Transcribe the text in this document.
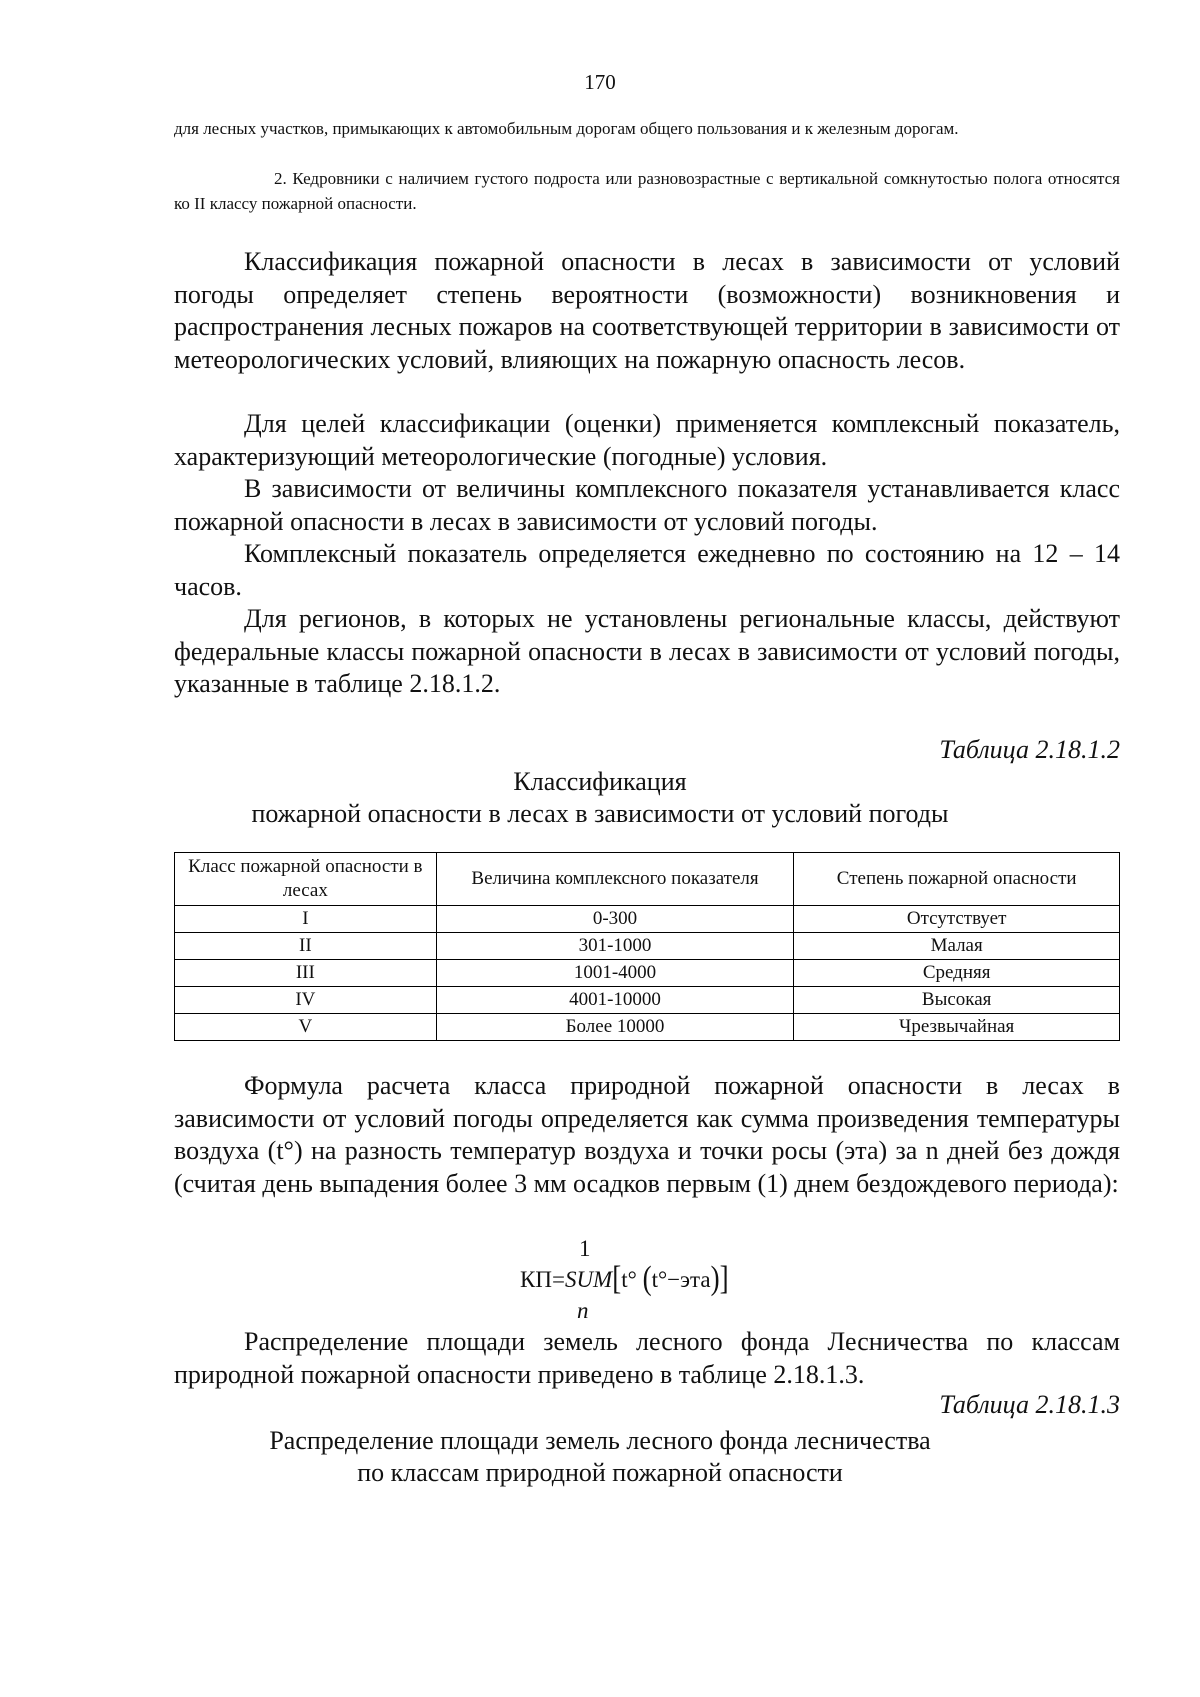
170
для лесных участков, примыкающих к автомобильным дорогам общего пользования и к железным дорогам.
2. Кедровники с наличием густого подроста или разновозрастные с вертикальной сомкнутостью полога относятся ко II классу пожарной опасности.
Классификация пожарной опасности в лесах в зависимости от условий погоды определяет степень вероятности (возможности) возникновения и распространения лесных пожаров на соответствующей территории в зависимости от метеорологических условий, влияющих на пожарную опасность лесов.
Для целей классификации (оценки) применяется комплексный показатель, характеризующий метеорологические (погодные) условия.
В зависимости от величины комплексного показателя устанавливается класс пожарной опасности в лесах в зависимости от условий погоды.
Комплексный показатель определяется ежедневно по состоянию на 12 – 14 часов.
Для регионов, в которых не установлены региональные классы, действуют федеральные классы пожарной опасности в лесах в зависимости от условий погоды, указанные в таблице 2.18.1.2.
Таблица 2.18.1.2
Классификация
пожарной опасности в лесах в зависимости от условий погоды
Класс пожарной опасности в лесах	Величина комплексного показателя	Степень пожарной опасности
I	0-300	Отсутствует
II	301-1000	Малая
III	1001-4000	Средняя
IV	4001-10000	Высокая
V	Более 10000	Чрезвычайная
Формула расчета класса природной пожарной опасности в лесах в зависимости от условий погоды определяется как сумма произведения температуры воздуха (t°) на разность температур воздуха и точки росы (эта) за n дней без дождя (считая день выпадения более 3 мм осадков первым (1) днем бездождевого периода):
1
КП=SUM[t° (t°−эта)]
n
Распределение площади земель лесного фонда Лесничества по классам природной пожарной опасности приведено в таблице 2.18.1.3.
Таблица 2.18.1.3
Распределение площади земель лесного фонда лесничества
по классам природной пожарной опасности
